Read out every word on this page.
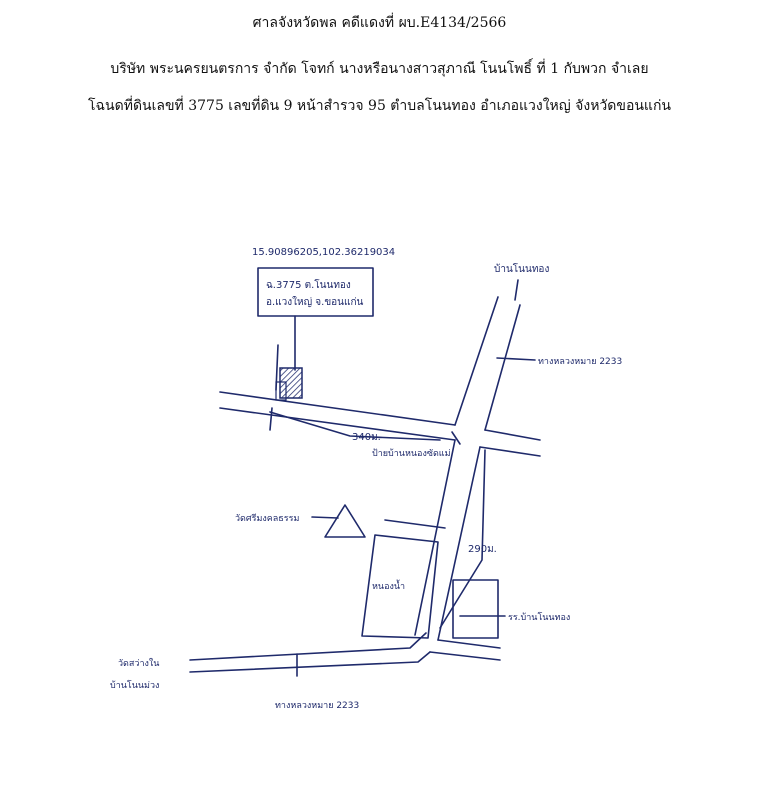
ศาลจังหวัดพล คดีแดงที่ ผบ.E4134/2566
บริษัท พระนครยนตรการ จำกัด โจทก์ นางหรือนางสาวสุภาณี โนนโพธิ์ ที่ 1 กับพวก จำเลย
โฉนดที่ดินเลขที่ 3775 เลขที่ดิน 9 หน้าสำรวจ 95 ตำบลโนนทอง อำเภอแวงใหญ่ จังหวัดขอนแก่น
15.90896205,102.36219034
ฉ.3775 ต.โนนทอง
อ.แวงใหญ่ จ.ขอนแก่น
บ้านโนนทอง
ทางหลวงหมาย 2233
340ม.
ป้ายบ้านหนองซัดแม่
วัดศรีมงคลธรรม
290ม.
หนองน้ำ
รร.บ้านโนนทอง
วัดสว่างใน
บ้านโนนม่วง
ทางหลวงหมาย 2233
